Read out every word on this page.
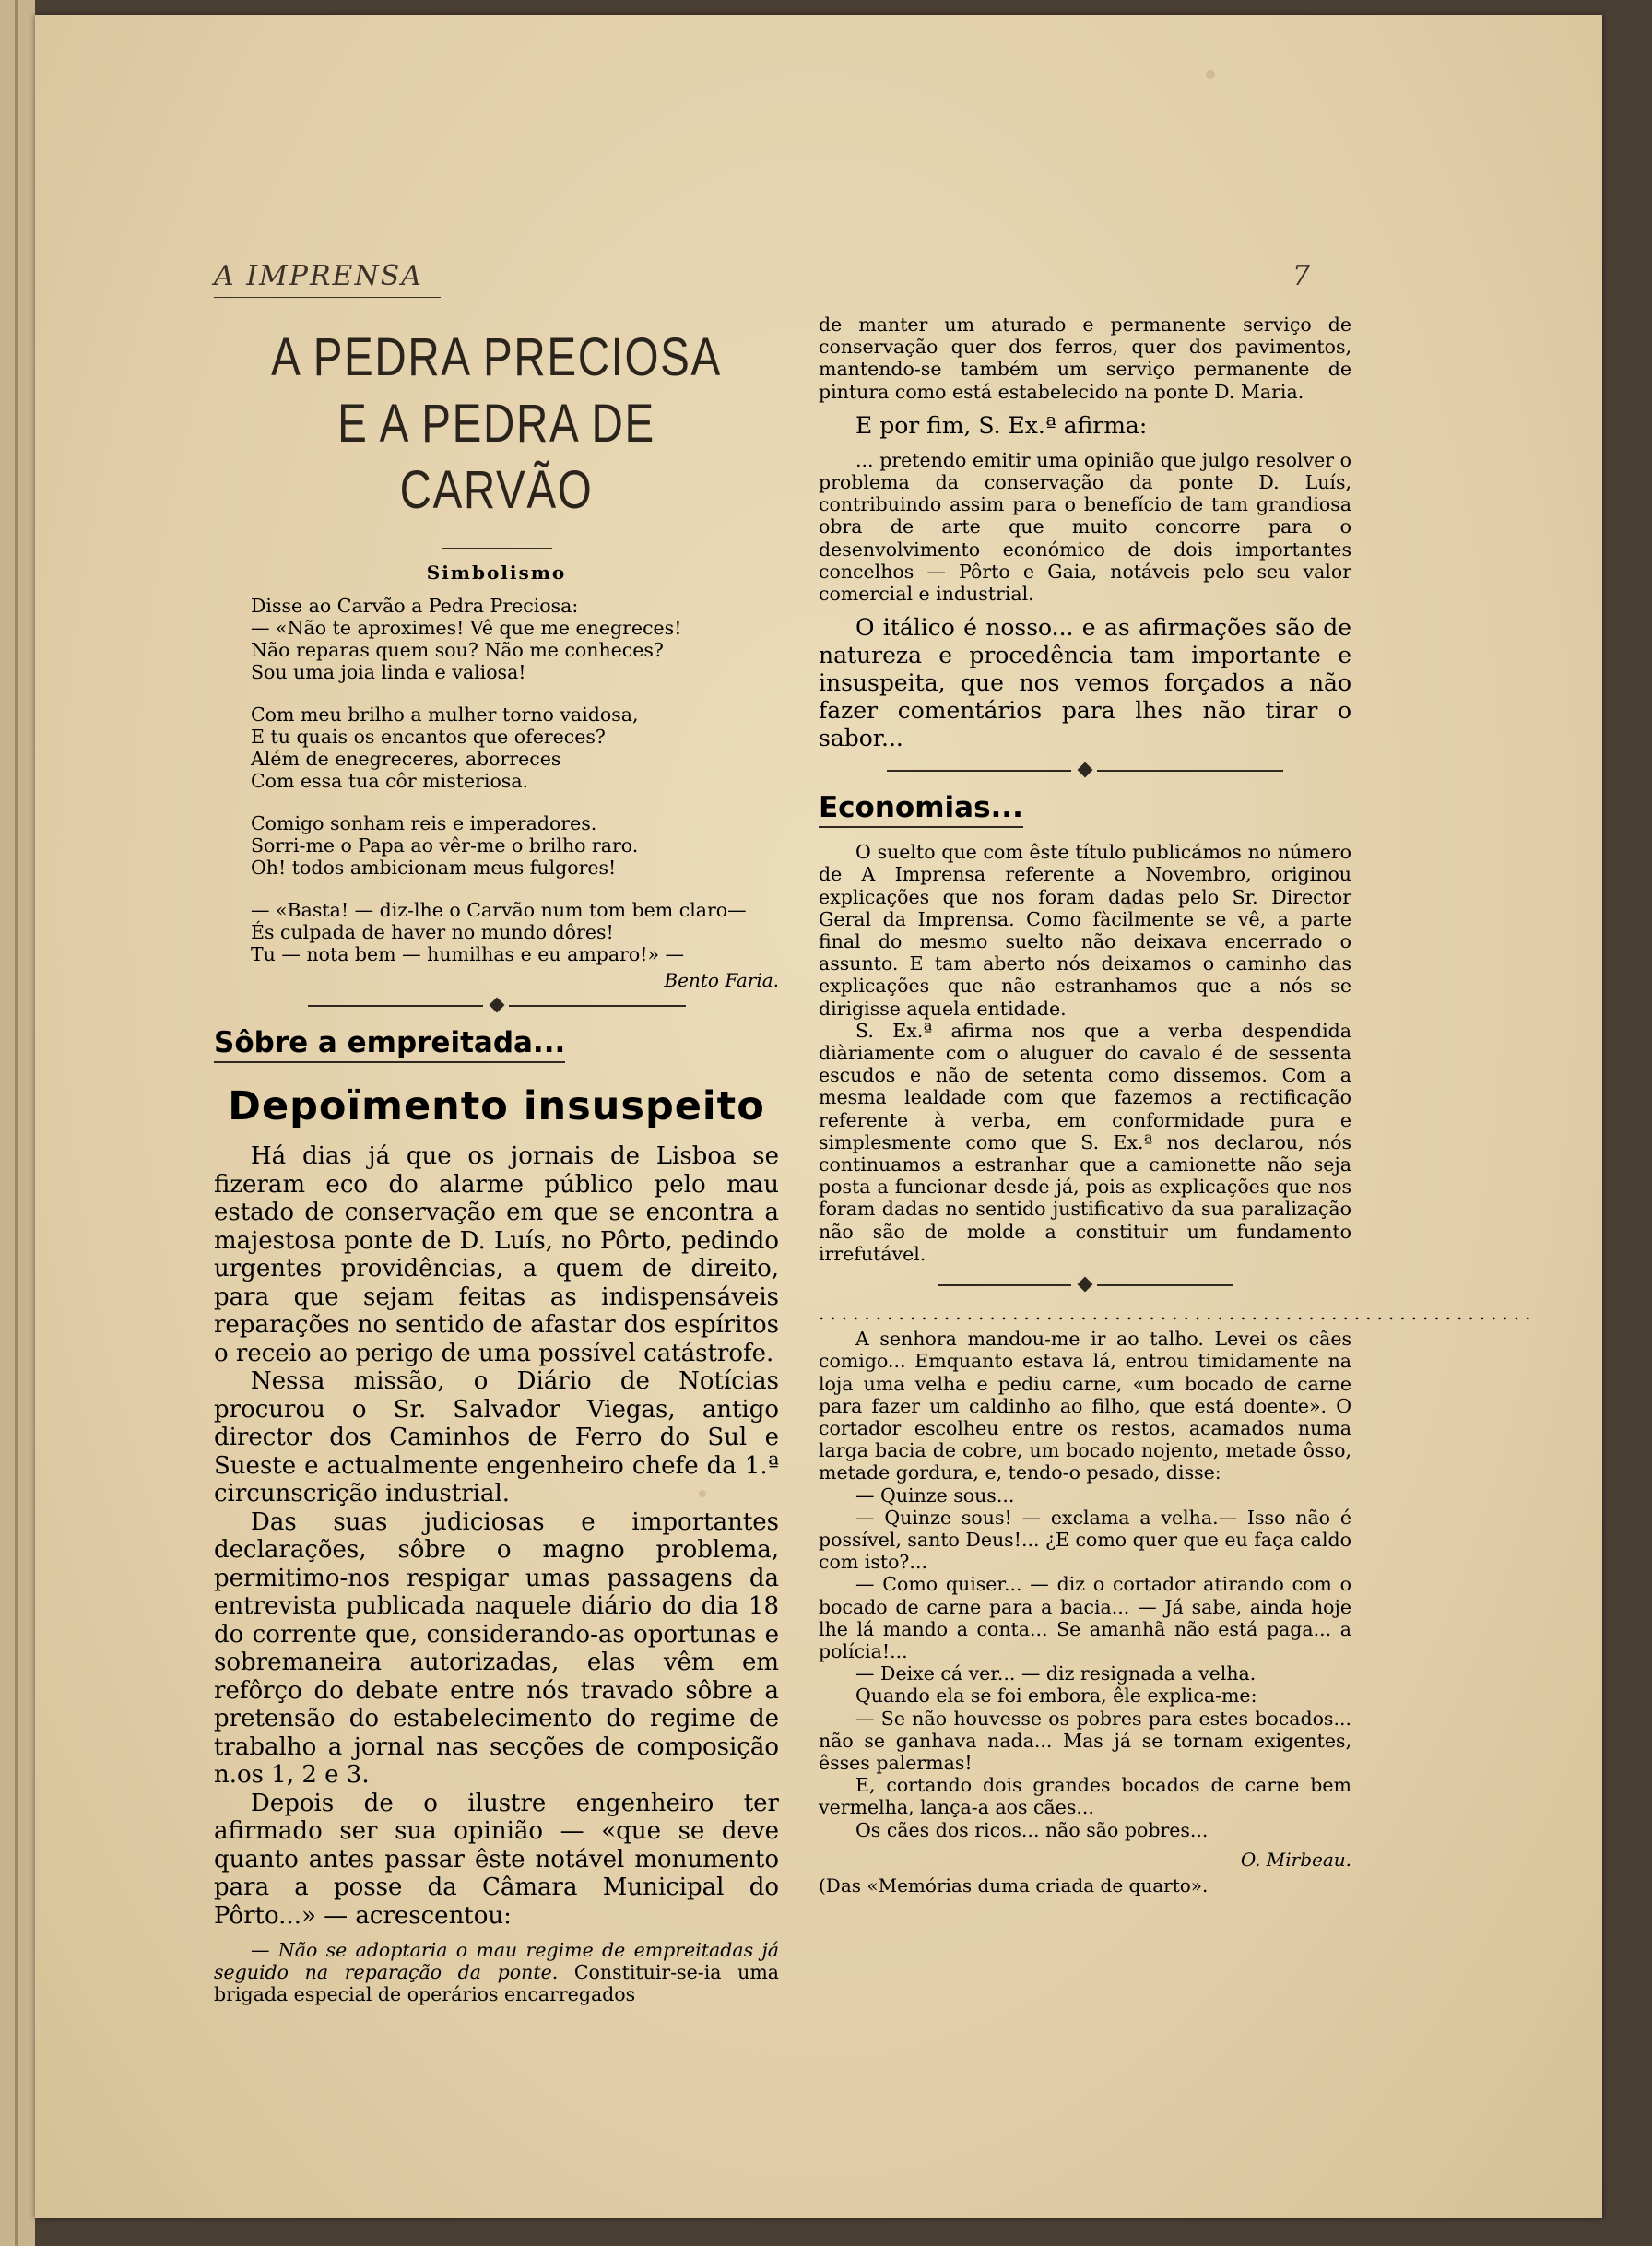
A IMPRENSA	7
A PEDRA PRECIOSA
E A PEDRA DE CARVÃO
Simbolismo
Disse ao Carvão a Pedra Preciosa:
— «Não te aproximes! Vê que me enegreces!
Não reparas quem sou? Não me conheces?
Sou uma joia linda e valiosa!
Com meu brilho a mulher torno vaidosa,
E tu quais os encantos que ofereces?
Além de enegreceres, aborreces
Com essa tua côr misteriosa.
Comigo sonham reis e imperadores.
Sorri-me o Papa ao vêr-me o brilho raro.
Oh! todos ambicionam meus fulgores!
— «Basta! — diz-lhe o Carvão num tom bem claro—
És culpada de haver no mundo dôres!
Tu — nota bem — humilhas e eu amparo!» —
Bento Faria.
Sôbre a empreitada...
Depoïmento insuspeito

Há dias já que os jornais de Lisboa se fizeram eco do alarme público pelo mau estado de conservação em que se encontra a majestosa ponte de D. Luís, no Pôrto, pedindo urgentes providências, a quem de direito, para que sejam feitas as indispensáveis reparações no sentido de afastar dos espíritos o receio ao perigo de uma possível catástrofe.

Nessa missão, o Diário de Notícias procurou o Sr. Salvador Viegas, antigo director dos Caminhos de Ferro do Sul e Sueste e actualmente engenheiro chefe da 1.ª circunscrição industrial.

Das suas judiciosas e importantes declarações, sôbre o magno problema, permitimo-nos respigar umas passagens da entrevista publicada naquele diário do dia 18 do corrente que, considerando-as oportunas e sobremaneira autorizadas, elas vêm em refôrço do debate entre nós travado sôbre a pretensão do estabelecimento do regime de trabalho a jornal nas secções de composição n.os 1, 2 e 3.

Depois de o ilustre engenheiro ter afirmado ser sua opinião — «que se deve quanto antes passar êste notável monumento para a posse da Câmara Municipal do Pôrto...» — acrescentou:

— Não se adoptaria o mau regime de empreitadas já seguido na reparação da ponte. Constituir-se-ia uma brigada especial de operários encarregados

de manter um aturado e permanente serviço de conservação quer dos ferros, quer dos pavimentos, mantendo-se também um serviço permanente de pintura como está estabelecido na ponte D. Maria.

E por fim, S. Ex.ª afirma:

... pretendo emitir uma opinião que julgo resolver o problema da conservação da ponte D. Luís, contribuindo assim para o benefício de tam grandiosa obra de arte que muito concorre para o desenvolvimento económico de dois importantes concelhos — Pôrto e Gaia, notáveis pelo seu valor comercial e industrial.

O itálico é nosso... e as afirmações são de natureza e procedência tam importante e insuspeita, que nos vemos forçados a não fazer comentários para lhes não tirar o sabor...

Economias...

O suelto que com êste título publicámos no número de A Imprensa referente a Novembro, originou explicações que nos foram dadas pelo Sr. Director Geral da Imprensa. Como fàcilmente se vê, a parte final do mesmo suelto não deixava encerrado o assunto. E tam aberto nós deixamos o caminho das explicações que não estranhamos que a nós se dirigisse aquela entidade.

S. Ex.ª afirma nos que a verba despendida diàriamente com o aluguer do cavalo é de sessenta escudos e não de setenta como dissemos. Com a mesma lealdade com que fazemos a rectificação referente à verba, em conformidade pura e simplesmente como que S. Ex.ª nos declarou, nós continuamos a estranhar que a camionette não seja posta a funcionar desde já, pois as explicações que nos foram dadas no sentido justificativo da sua paralização não são de molde a constituir um fundamento irrefutável.

...............................................................

A senhora mandou-me ir ao talho. Levei os cães comigo... Emquanto estava lá, entrou timidamente na loja uma velha e pediu carne, «um bocado de carne para fazer um caldinho ao filho, que está doente». O cortador escolheu entre os restos, acamados numa larga bacia de cobre, um bocado nojento, metade ôsso, metade gordura, e, tendo-o pesado, disse:

— Quinze sous...

— Quinze sous! — exclama a velha.— Isso não é possível, santo Deus!... ¿E como quer que eu faça caldo com isto?...

— Como quiser... — diz o cortador atirando com o bocado de carne para a bacia... — Já sabe, ainda hoje lhe lá mando a conta... Se amanhã não está paga... a polícia!...

— Deixe cá ver... — diz resignada a velha.

Quando ela se foi embora, êle explica-me:

— Se não houvesse os pobres para estes bocados... não se ganhava nada... Mas já se tornam exigentes, êsses palermas!

E, cortando dois grandes bocados de carne bem vermelha, lança-a aos cães...

Os cães dos ricos... não são pobres...

O. Mirbeau.
(Das «Memórias duma criada de quarto».
